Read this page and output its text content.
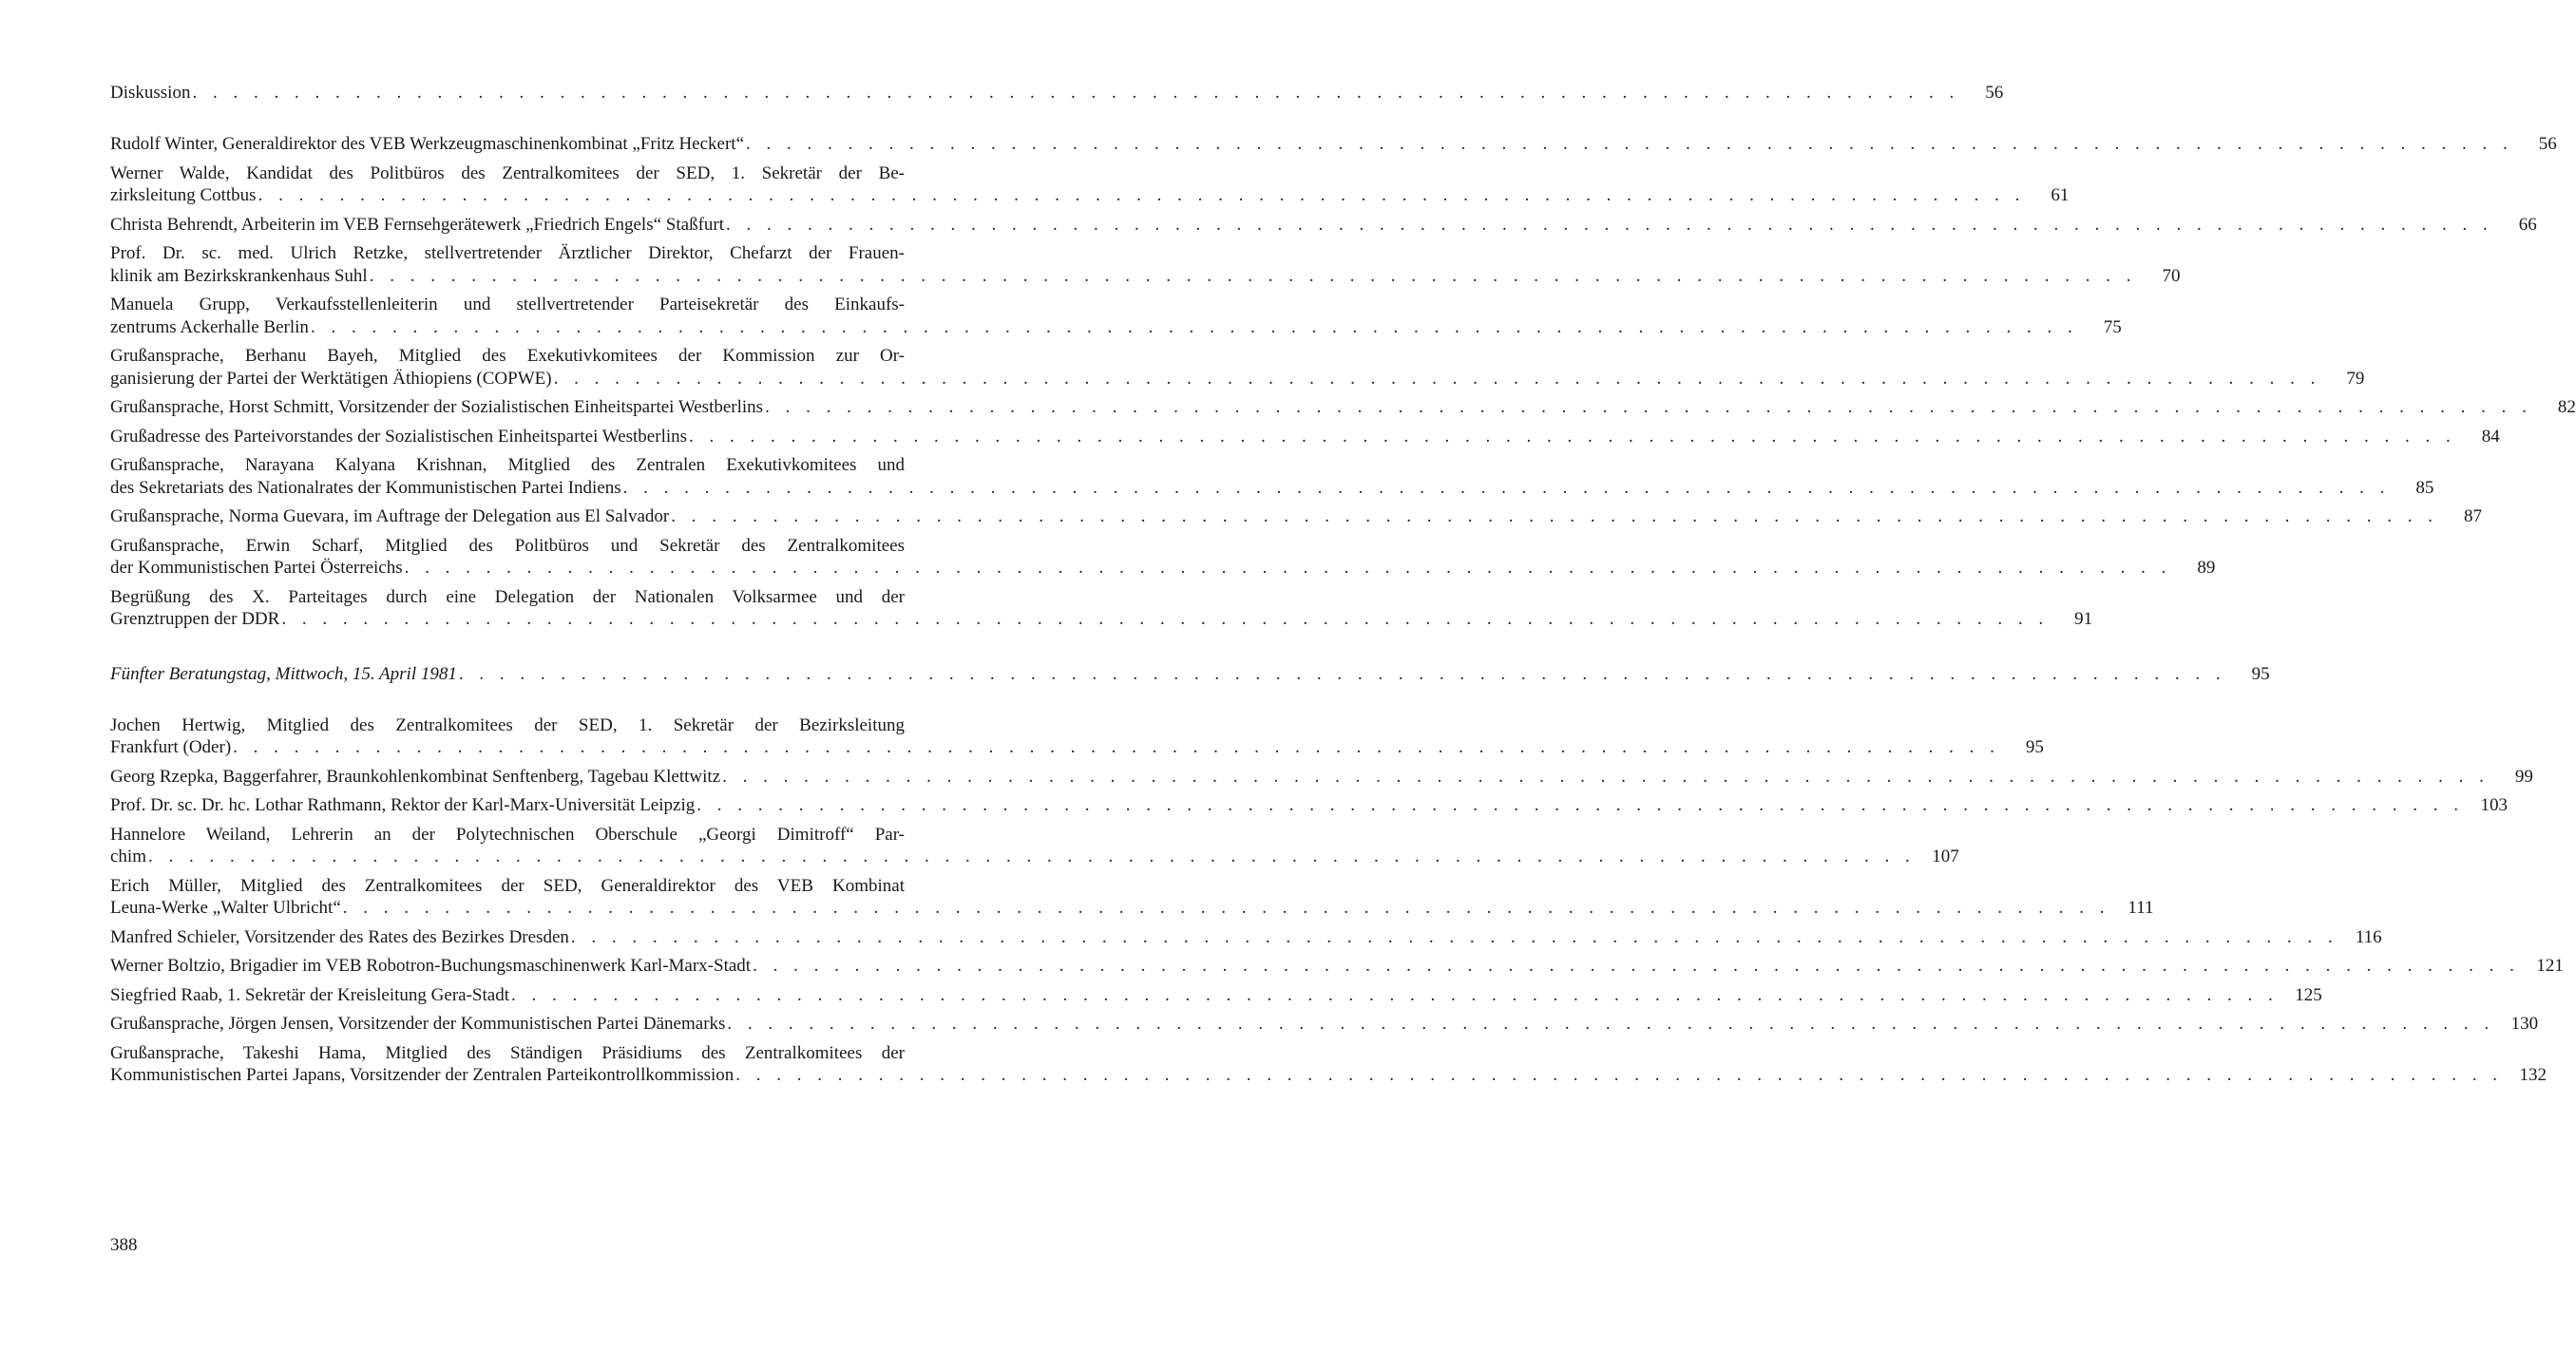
Diskussion . . . . . . . . . . . . . . . . . . . . . . . . . . . . . . . . . . . . . . . . . . . . . . . . . . . . . . . . . . . . . . . . . . . . . . . . . . . . . . . . . . . . . . .	56
Rudolf Winter, Generaldirektor des VEB Werkzeugmaschinenkombinat „Fritz Heckert“ . . . . . . . . . . . . . . . . . . . . . . . . . . . . . . . . . . . . . . . . . . . . . . . . . . . . . . . . . . . . . . . . . . . . . . . . . . . . . . . . . . . . . . .	56
Werner Walde, Kandidat des Politbüros des Zentralkomitees der SED, 1. Sekretär der Be-
zirksleitung Cottbus . . . . . . . . . . . . . . . . . . . . . . . . . . . . . . . . . . . . . . . . . . . . . . . . . . . . . . . . . . . . . . . . . . . . . . . . . . . . . . . . . . . . . . .	61
Christa Behrendt, Arbeiterin im VEB Fernsehgerätewerk „Friedrich Engels“ Staßfurt . . . . . . . . . . . . . . . . . . . . . . . . . . . . . . . . . . . . . . . . . . . . . . . . . . . . . . . . . . . . . . . . . . . . . . . . . . . . . . . . . . . . . . .	66
Prof. Dr. sc. med. Ulrich Retzke, stellvertretender Ärztlicher Direktor, Chefarzt der Frauen-
klinik am Bezirkskrankenhaus Suhl . . . . . . . . . . . . . . . . . . . . . . . . . . . . . . . . . . . . . . . . . . . . . . . . . . . . . . . . . . . . . . . . . . . . . . . . . . . . . . . . . . . . . . .	70
Manuela Grupp, Verkaufsstellenleiterin und stellvertretender Parteisekretär des Einkaufs-
zentrums Ackerhalle Berlin . . . . . . . . . . . . . . . . . . . . . . . . . . . . . . . . . . . . . . . . . . . . . . . . . . . . . . . . . . . . . . . . . . . . . . . . . . . . . . . . . . . . . . .	75
Grußansprache, Berhanu Bayeh, Mitglied des Exekutivkomitees der Kommission zur Or-
ganisierung der Partei der Werktätigen Äthiopiens (COPWE) . . . . . . . . . . . . . . . . . . . . . . . . . . . . . . . . . . . . . . . . . . . . . . . . . . . . . . . . . . . . . . . . . . . . . . . . . . . . . . . . . . . . . . .	79
Grußansprache, Horst Schmitt, Vorsitzender der Sozialistischen Einheitspartei Westberlins . . . . . . . . . . . . . . . . . . . . . . . . . . . . . . . . . . . . . . . . . . . . . . . . . . . . . . . . . . . . . . . . . . . . . . . . . . . . . . . . . . . . . . .	82
Grußadresse des Parteivorstandes der Sozialistischen Einheitspartei Westberlins . . . . . . . . . . . . . . . . . . . . . . . . . . . . . . . . . . . . . . . . . . . . . . . . . . . . . . . . . . . . . . . . . . . . . . . . . . . . . . . . . . . . . . .	84
Grußansprache, Narayana Kalyana Krishnan, Mitglied des Zentralen Exekutivkomitees und
des Sekretariats des Nationalrates der Kommunistischen Partei Indiens . . . . . . . . . . . . . . . . . . . . . . . . . . . . . . . . . . . . . . . . . . . . . . . . . . . . . . . . . . . . . . . . . . . . . . . . . . . . . . . . . . . . . . .	85
Grußansprache, Norma Guevara, im Auftrage der Delegation aus El Salvador . . . . . . . . . . . . . . . . . . . . . . . . . . . . . . . . . . . . . . . . . . . . . . . . . . . . . . . . . . . . . . . . . . . . . . . . . . . . . . . . . . . . . . .	87
Grußansprache, Erwin Scharf, Mitglied des Politbüros und Sekretär des Zentralkomitees
der Kommunistischen Partei Österreichs . . . . . . . . . . . . . . . . . . . . . . . . . . . . . . . . . . . . . . . . . . . . . . . . . . . . . . . . . . . . . . . . . . . . . . . . . . . . . . . . . . . . . . .	89
Begrüßung des X. Parteitages durch eine Delegation der Nationalen Volksarmee und der
Grenztruppen der DDR . . . . . . . . . . . . . . . . . . . . . . . . . . . . . . . . . . . . . . . . . . . . . . . . . . . . . . . . . . . . . . . . . . . . . . . . . . . . . . . . . . . . . . .	91
Fünfter Beratungstag, Mittwoch, 15. April 1981 . . . . . . . . . . . . . . . . . . . . . . . . . . . . . . . . . . . . . . . . . . . . . . . . . . . . . . . . . . . . . . . . . . . . . . . . . . . . . . . . . . . . . . .	95
Jochen Hertwig, Mitglied des Zentralkomitees der SED, 1. Sekretär der Bezirksleitung
Frankfurt (Oder) . . . . . . . . . . . . . . . . . . . . . . . . . . . . . . . . . . . . . . . . . . . . . . . . . . . . . . . . . . . . . . . . . . . . . . . . . . . . . . . . . . . . . . .	95
Georg Rzepka, Baggerfahrer, Braunkohlenkombinat Senftenberg, Tagebau Klettwitz . . . . . . . . . . . . . . . . . . . . . . . . . . . . . . . . . . . . . . . . . . . . . . . . . . . . . . . . . . . . . . . . . . . . . . . . . . . . . . . . . . . . . . .	99
Prof. Dr. sc. Dr. hc. Lothar Rathmann, Rektor der Karl-Marx-Universität Leipzig . . . . . . . . . . . . . . . . . . . . . . . . . . . . . . . . . . . . . . . . . . . . . . . . . . . . . . . . . . . . . . . . . . . . . . . . . . . . . . . . . . . . . . . 103
Hannelore Weiland, Lehrerin an der Polytechnischen Oberschule „Georgi Dimitroff“ Par-
chim . . . . . . . . . . . . . . . . . . . . . . . . . . . . . . . . . . . . . . . . . . . . . . . . . . . . . . . . . . . . . . . . . . . . . . . . . . . . . . . . . . . . . . . 107
Erich Müller, Mitglied des Zentralkomitees der SED, Generaldirektor des VEB Kombinat
Leuna-Werke „Walter Ulbricht“ . . . . . . . . . . . . . . . . . . . . . . . . . . . . . . . . . . . . . . . . . . . . . . . . . . . . . . . . . . . . . . . . . . . . . . . . . . . . . . . . . . . . . . . 111
Manfred Schieler, Vorsitzender des Rates des Bezirkes Dresden . . . . . . . . . . . . . . . . . . . . . . . . . . . . . . . . . . . . . . . . . . . . . . . . . . . . . . . . . . . . . . . . . . . . . . . . . . . . . . . . . . . . . . . 116
Werner Boltzio, Brigadier im VEB Robotron-Buchungsmaschinenwerk Karl-Marx-Stadt . . . . . . . . . . . . . . . . . . . . . . . . . . . . . . . . . . . . . . . . . . . . . . . . . . . . . . . . . . . . . . . . . . . . . . . . . . . . . . . . . . . . . . . 121
Siegfried Raab, 1. Sekretär der Kreisleitung Gera-Stadt . . . . . . . . . . . . . . . . . . . . . . . . . . . . . . . . . . . . . . . . . . . . . . . . . . . . . . . . . . . . . . . . . . . . . . . . . . . . . . . . . . . . . . . 125
Grußansprache, Jörgen Jensen, Vorsitzender der Kommunistischen Partei Dänemarks . . . . . . . . . . . . . . . . . . . . . . . . . . . . . . . . . . . . . . . . . . . . . . . . . . . . . . . . . . . . . . . . . . . . . . . . . . . . . . . . . . . . . . . 130
Grußansprache, Takeshi Hama, Mitglied des Ständigen Präsidiums des Zentralkomitees der
Kommunistischen Partei Japans, Vorsitzender der Zentralen Parteikontrollkommission . . . . . . . . . . . . . . . . . . . . . . . . . . . . . . . . . . . . . . . . . . . . . . . . . . . . . . . . . . . . . . . . . . . . . . . . . . . . . . . . . . . . . . . 132
388
